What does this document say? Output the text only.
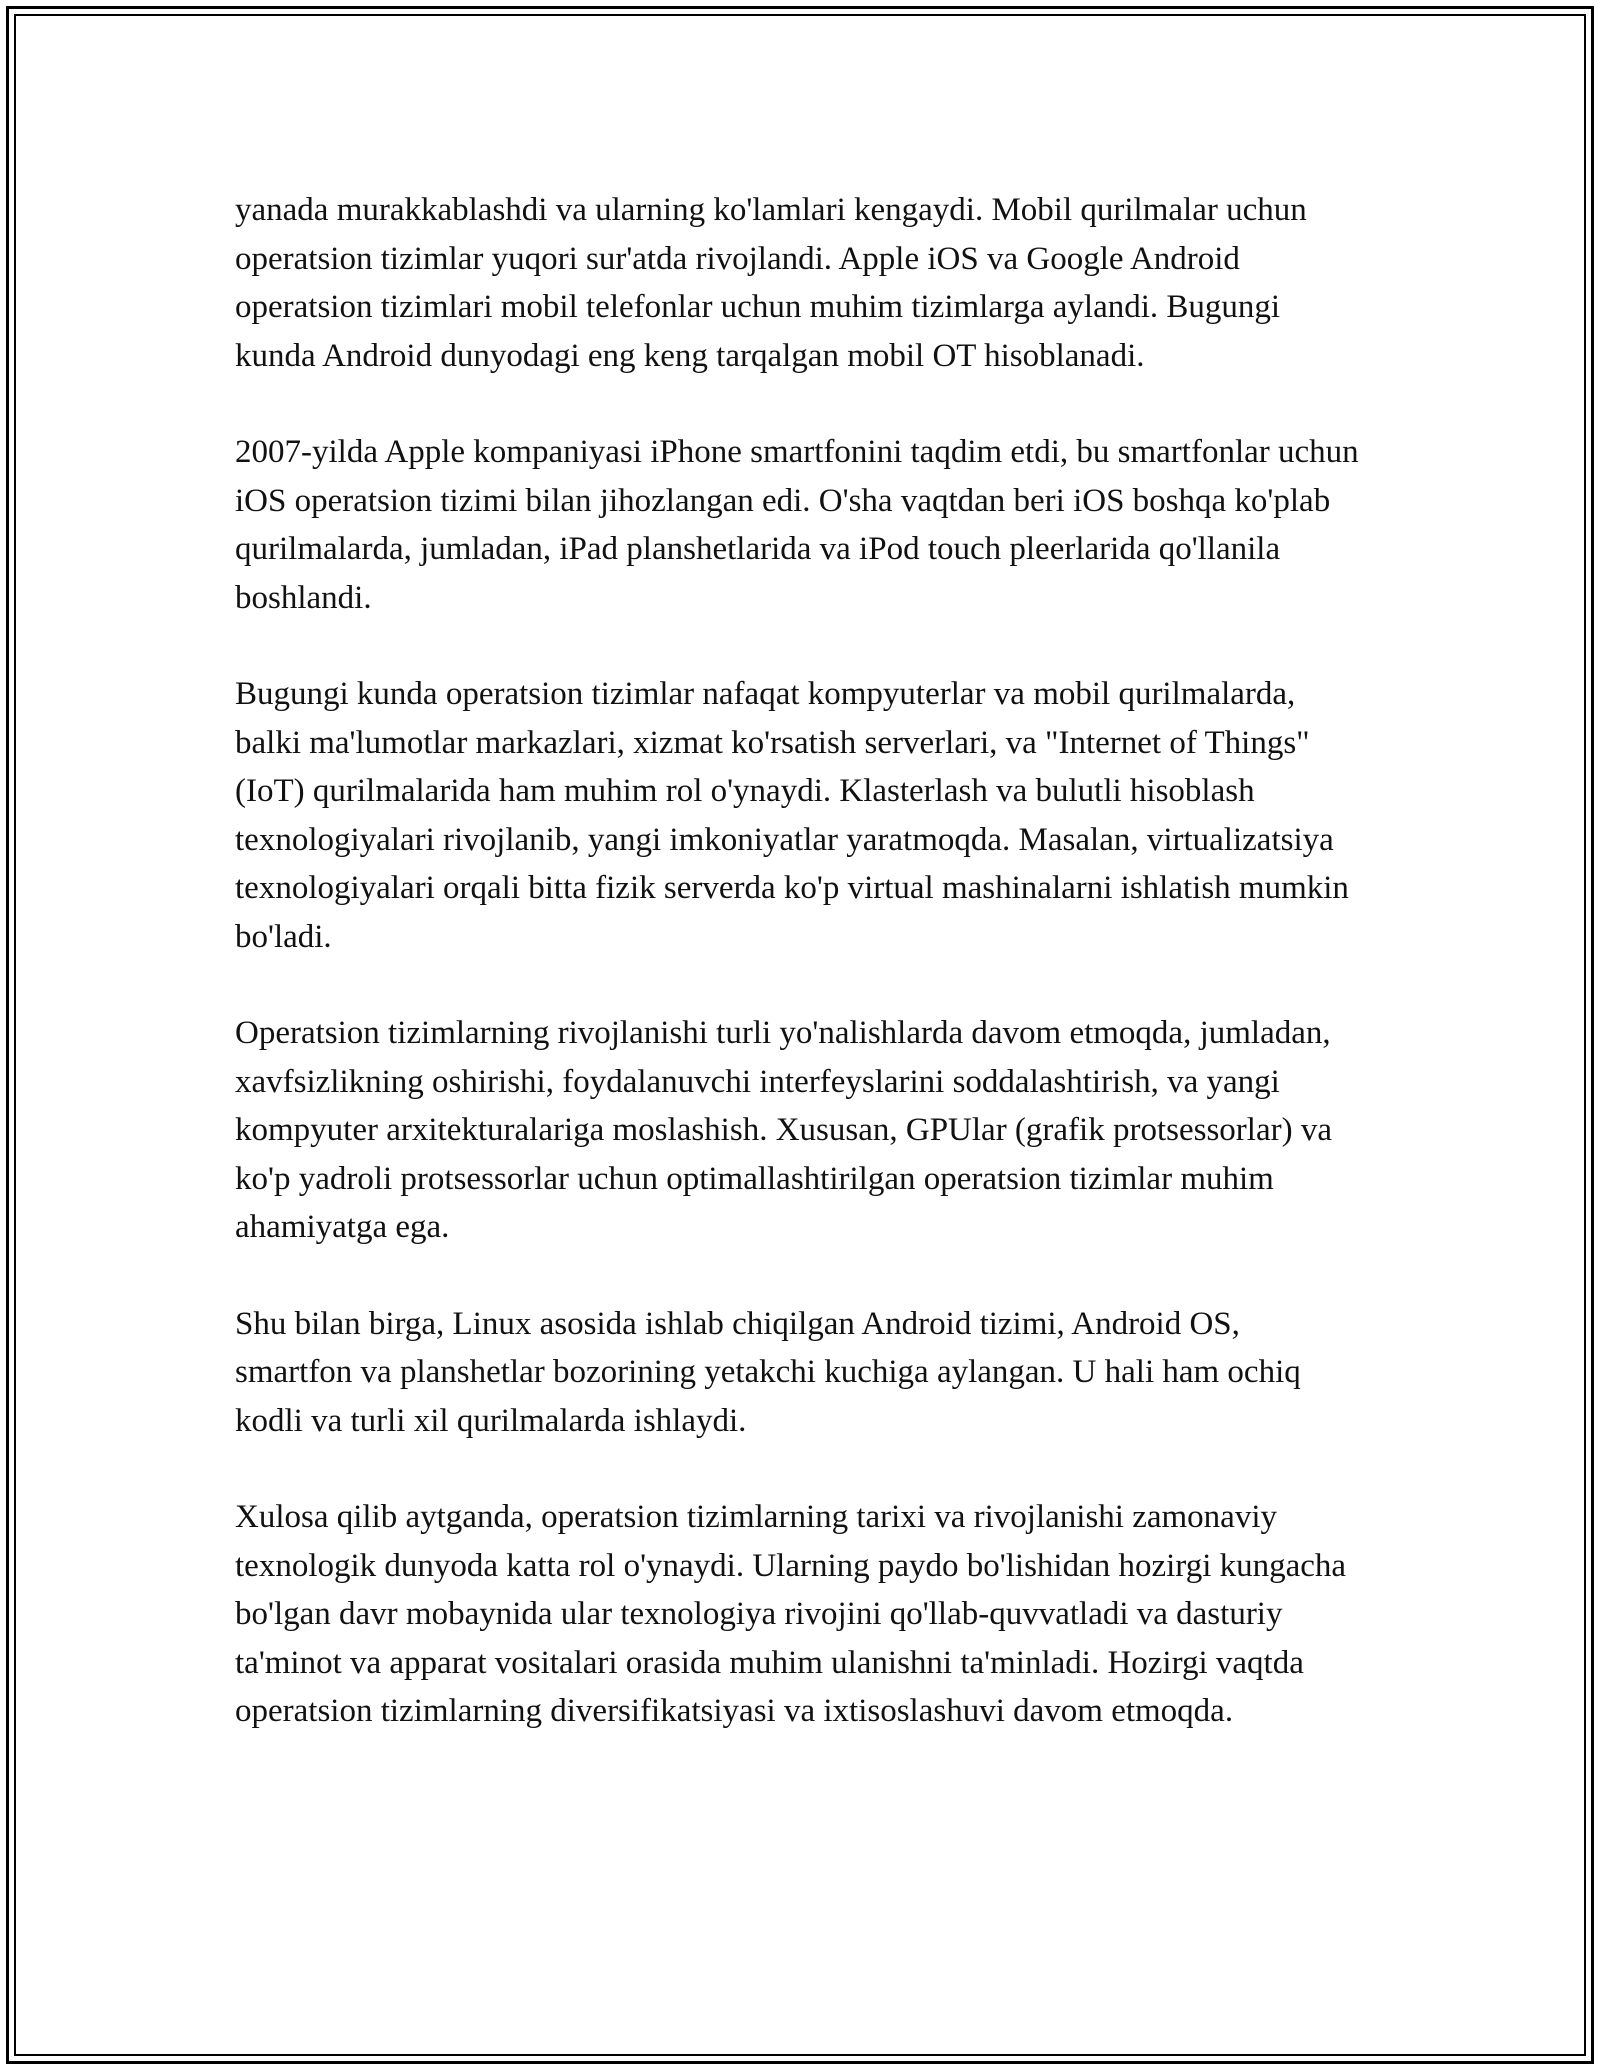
yanada murakkablashdi va ularning ko'lamlari kengaydi. Mobil qurilmalar uchun operatsion tizimlar yuqori sur'atda rivojlandi. Apple iOS va Google Android operatsion tizimlari mobil telefonlar uchun muhim tizimlarga aylandi. Bugungi kunda Android dunyodagi eng keng tarqalgan mobil OT hisoblanadi.

2007-yilda Apple kompaniyasi iPhone smartfonini taqdim etdi, bu smartfonlar uchun iOS operatsion tizimi bilan jihozlangan edi. O'sha vaqtdan beri iOS boshqa ko'plab qurilmalarda, jumladan, iPad planshetlarida va iPod touch pleerlarida qo'llanila boshlandi.

Bugungi kunda operatsion tizimlar nafaqat kompyuterlar va mobil qurilmalarda, balki ma'lumotlar markazlari, xizmat ko'rsatish serverlari, va "Internet of Things" (IoT) qurilmalarida ham muhim rol o'ynaydi. Klasterlash va bulutli hisoblash texnologiyalari rivojlanib, yangi imkoniyatlar yaratmoqda. Masalan, virtualizatsiya texnologiyalari orqali bitta fizik serverda ko'p virtual mashinalarni ishlatish mumkin bo'ladi.

Operatsion tizimlarning rivojlanishi turli yo'nalishlarda davom etmoqda, jumladan, xavfsizlikning oshirishi, foydalanuvchi interfeyslarini soddalashtirish, va yangi kompyuter arxitekturalariga moslashish. Xususan, GPUlar (grafik protsessorlar) va ko'p yadroli protsessorlar uchun optimallashtirilgan operatsion tizimlar muhim ahamiyatga ega.

Shu bilan birga, Linux asosida ishlab chiqilgan Android tizimi, Android OS, smartfon va planshetlar bozorining yetakchi kuchiga aylangan. U hali ham ochiq kodli va turli xil qurilmalarda ishlaydi.

Xulosa qilib aytganda, operatsion tizimlarning tarixi va rivojlanishi zamonaviy texnologik dunyoda katta rol o'ynaydi. Ularning paydo bo'lishidan hozirgi kungacha bo'lgan davr mobaynida ular texnologiya rivojini qo'llab-quvvatladi va dasturiy ta'minot va apparat vositalari orasida muhim ulanishni ta'minladi. Hozirgi vaqtda operatsion tizimlarning diversifikatsiyasi va ixtisoslashuvi davom etmoqda.
